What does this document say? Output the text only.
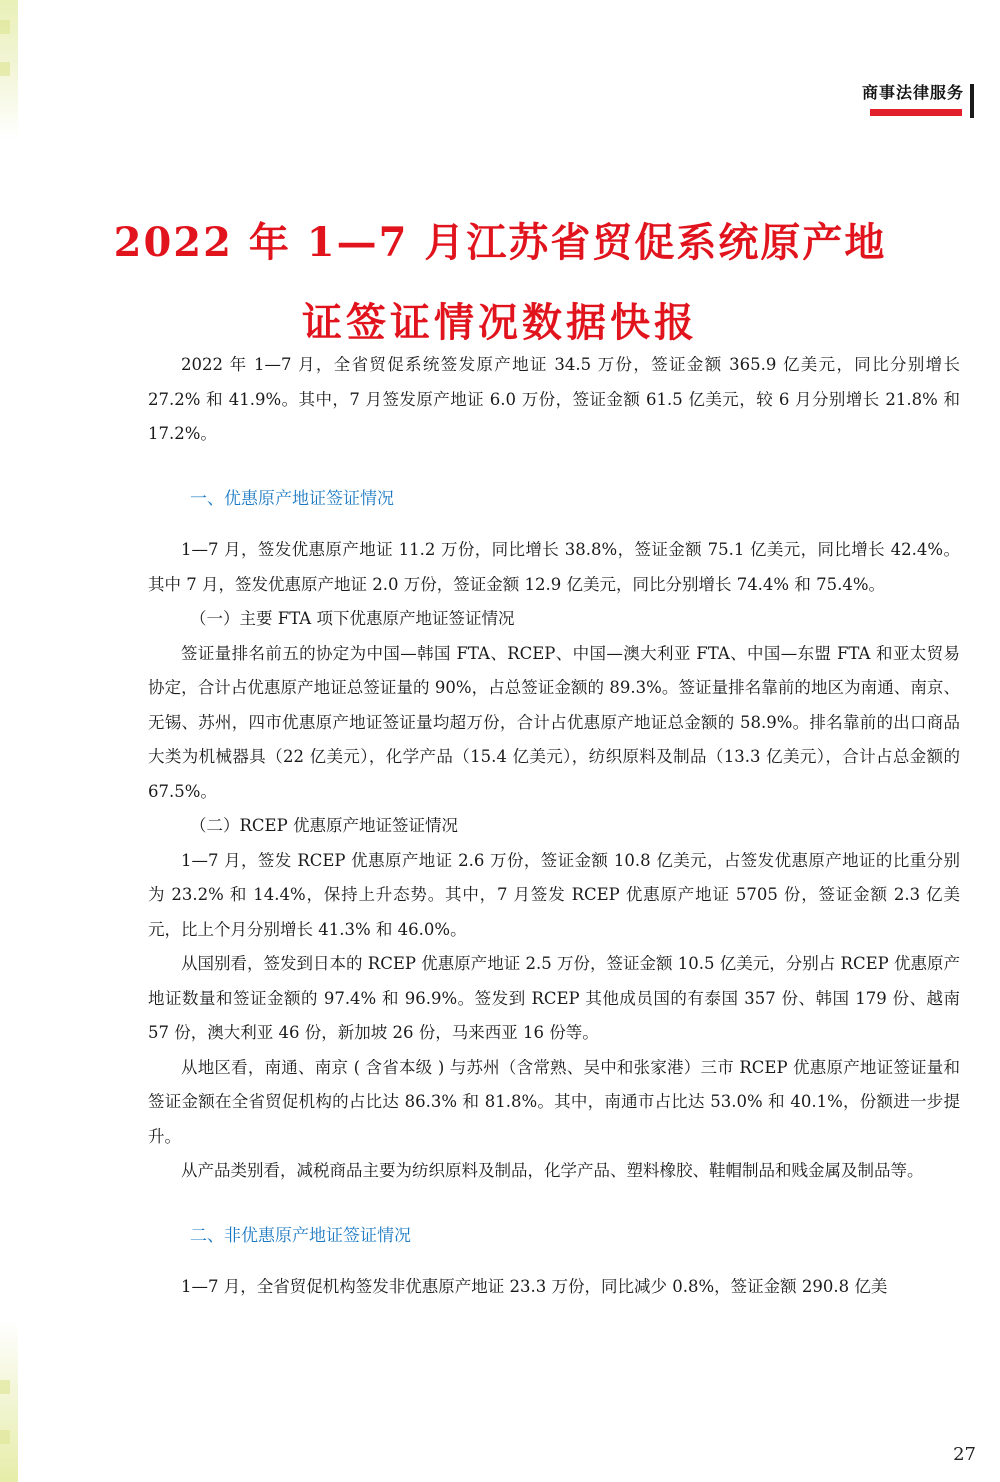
商事法律服务
2022 年 1—7 月江苏省贸促系统原产地
证签证情况数据快报

2022 年 1—7 月，全省贸促系统签发原产地证 34.5 万份，签证金额 365.9 亿美元，同比分别增长 27.2% 和 41.9%。其中，7 月签发原产地证 6.0 万份，签证金额 61.5 亿美元，较 6 月分别增长 21.8% 和 17.2%。

一、优惠原产地证签证情况

1—7 月，签发优惠原产地证 11.2 万份，同比增长 38.8%，签证金额 75.1 亿美元，同比增长 42.4%。其中 7 月，签发优惠原产地证 2.0 万份，签证金额 12.9 亿美元，同比分别增长 74.4% 和 75.4%。

（一）主要 FTA 项下优惠原产地证签证情况

签证量排名前五的协定为中国—韩国 FTA、RCEP、中国—澳大利亚 FTA、中国—东盟 FTA 和亚太贸易协定，合计占优惠原产地证总签证量的 90%，占总签证金额的 89.3%。签证量排名靠前的地区为南通、南京、无锡、苏州，四市优惠原产地证签证量均超万份，合计占优惠原产地证总金额的 58.9%。排名靠前的出口商品大类为机械器具（22 亿美元），化学产品（15.4 亿美元），纺织原料及制品（13.3 亿美元），合计占总金额的 67.5%。

（二）RCEP 优惠原产地证签证情况

1—7 月，签发 RCEP 优惠原产地证 2.6 万份，签证金额 10.8 亿美元，占签发优惠原产地证的比重分别为 23.2% 和 14.4%，保持上升态势。其中，7 月签发 RCEP 优惠原产地证 5705 份，签证金额 2.3 亿美元，比上个月分别增长 41.3% 和 46.0%。

从国别看，签发到日本的 RCEP 优惠原产地证 2.5 万份，签证金额 10.5 亿美元，分别占 RCEP 优惠原产地证数量和签证金额的 97.4% 和 96.9%。签发到 RCEP 其他成员国的有泰国 357 份、韩国 179 份、越南 57 份，澳大利亚 46 份，新加坡 26 份，马来西亚 16 份等。

从地区看，南通、南京 ( 含省本级 ) 与苏州（含常熟、吴中和张家港）三市 RCEP 优惠原产地证签证量和签证金额在全省贸促机构的占比达 86.3% 和 81.8%。其中，南通市占比达 53.0% 和 40.1%，份额进一步提升。

从产品类别看，减税商品主要为纺织原料及制品，化学产品、塑料橡胶、鞋帽制品和贱金属及制品等。

二、非优惠原产地证签证情况

1—7 月，全省贸促机构签发非优惠原产地证 23.3 万份，同比减少 0.8%，签证金额 290.8 亿美

27
